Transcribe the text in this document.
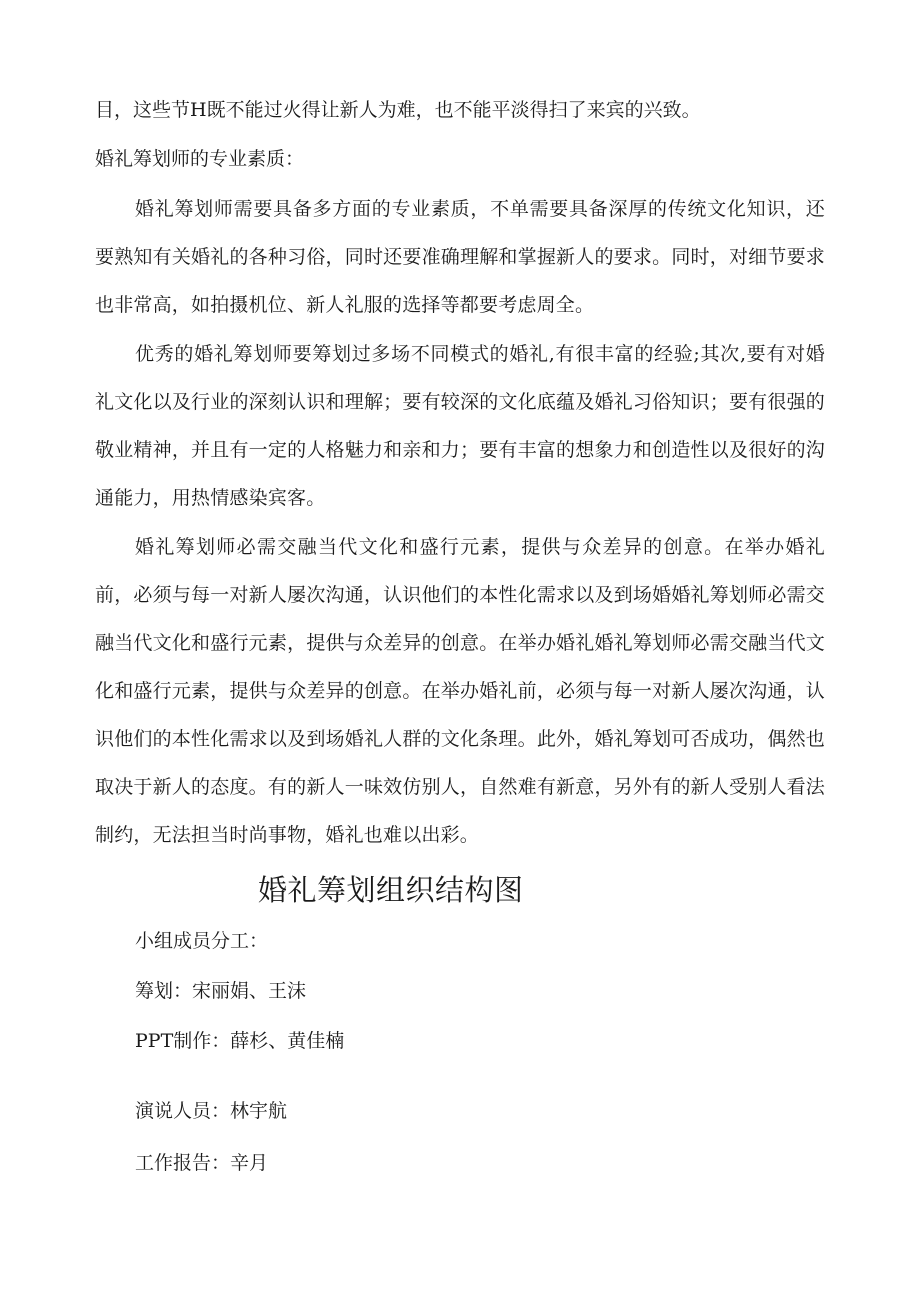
目，这些节H既不能过火得让新人为难，也不能平淡得扫了来宾的兴致。

婚礼筹划师的专业素质：

婚礼筹划师需要具备多方面的专业素质，不单需要具备深厚的传统文化知识，还要熟知有关婚礼的各种习俗，同时还要准确理解和掌握新人的要求。同时，对细节要求也非常高，如拍摄机位、新人礼服的选择等都要考虑周全。

优秀的婚礼筹划师要筹划过多场不同模式的婚礼,有很丰富的经验;其次,要有对婚礼文化以及行业的深刻认识和理解；要有较深的文化底蕴及婚礼习俗知识；要有很强的敬业精神，并且有一定的人格魅力和亲和力；要有丰富的想象力和创造性以及很好的沟通能力，用热情感染宾客。

婚礼筹划师必需交融当代文化和盛行元素，提供与众差异的创意。在举办婚礼前，必须与每一对新人屡次沟通，认识他们的本性化需求以及到场婚婚礼筹划师必需交融当代文化和盛行元素，提供与众差异的创意。在举办婚礼婚礼筹划师必需交融当代文化和盛行元素，提供与众差异的创意。在举办婚礼前，必须与每一对新人屡次沟通，认识他们的本性化需求以及到场婚礼人群的文化条理。此外，婚礼筹划可否成功，偶然也取决于新人的态度。有的新人一味效仿别人，自然难有新意，另外有的新人受别人看法制约，无法担当时尚事物，婚礼也难以出彩。

婚礼筹划组织结构图

小组成员分工：

筹划：宋丽娟、王沫

PPT制作：薛杉、黄佳楠

演说人员：林宇航

工作报告：辛月
